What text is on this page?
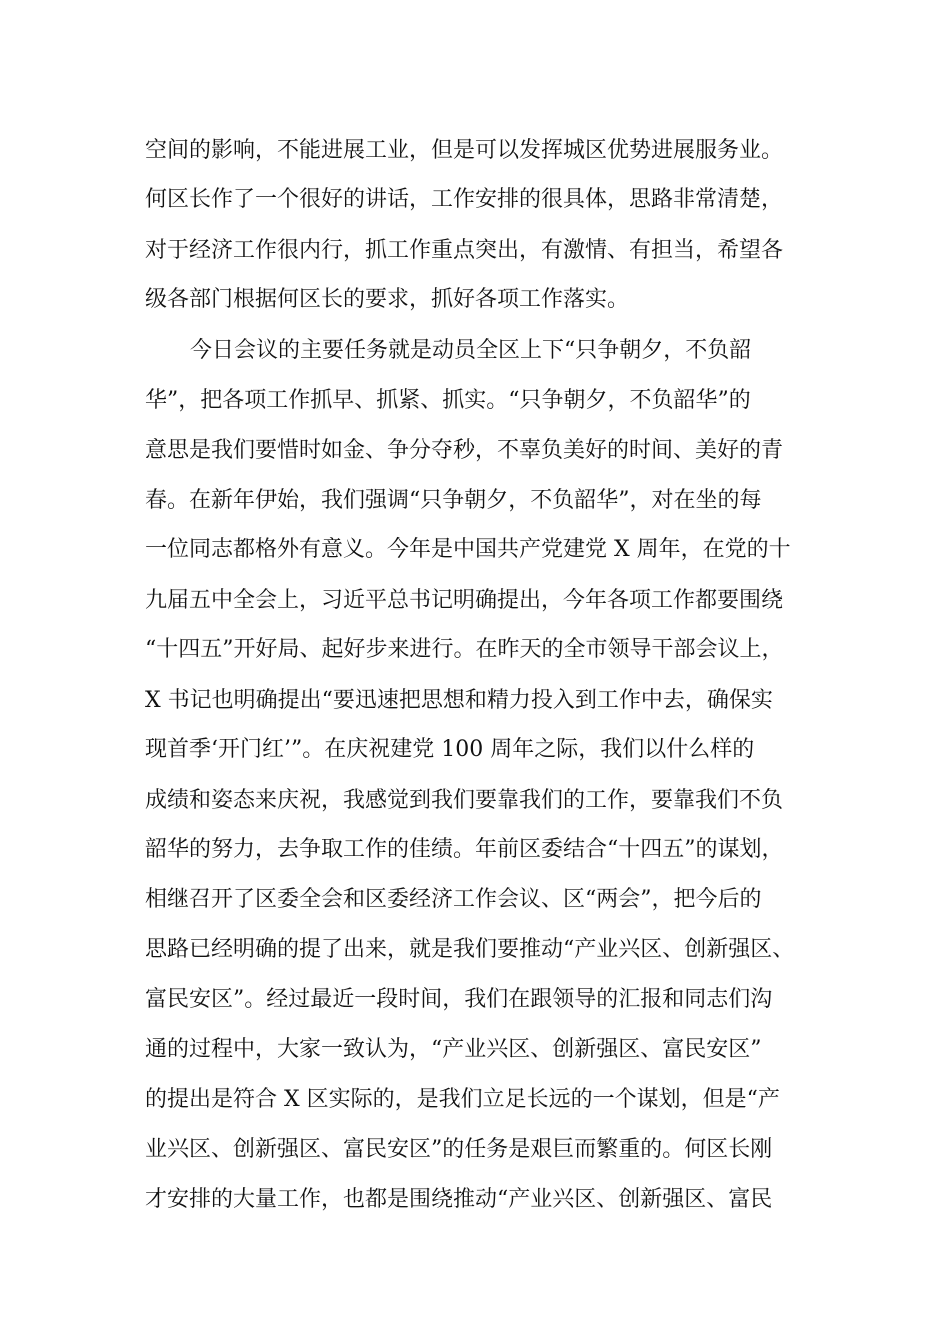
空间的影响，不能进展工业，但是可以发挥城区优势进展服务业。
何区长作了一个很好的讲话，工作安排的很具体，思路非常清楚，
对于经济工作很内行，抓工作重点突出，有激情、有担当，希望各
级各部门根据何区长的要求，抓好各项工作落实。
今日会议的主要任务就是动员全区上下“只争朝夕，不负韶
华”，把各项工作抓早、抓紧、抓实。“只争朝夕，不负韶华”的
意思是我们要惜时如金、争分夺秒，不辜负美好的时间、美好的青
春。在新年伊始，我们强调“只争朝夕，不负韶华”，对在坐的每
一位同志都格外有意义。今年是中国共产党建党 X 周年，在党的十
九届五中全会上，习近平总书记明确提出，今年各项工作都要围绕
“十四五”开好局、起好步来进行。在昨天的全市领导干部会议上，
X 书记也明确提出“要迅速把思想和精力投入到工作中去，确保实
现首季‘开门红’”。在庆祝建党 100 周年之际，我们以什么样的
成绩和姿态来庆祝，我感觉到我们要靠我们的工作，要靠我们不负
韶华的努力，去争取工作的佳绩。年前区委结合“十四五”的谋划，
相继召开了区委全会和区委经济工作会议、区“两会”，把今后的
思路已经明确的提了出来，就是我们要推动“产业兴区、创新强区、
富民安区”。经过最近一段时间，我们在跟领导的汇报和同志们沟
通的过程中，大家一致认为，“产业兴区、创新强区、富民安区”
的提出是符合 X 区实际的，是我们立足长远的一个谋划，但是“产
业兴区、创新强区、富民安区”的任务是艰巨而繁重的。何区长刚
才安排的大量工作，也都是围绕推动“产业兴区、创新强区、富民
